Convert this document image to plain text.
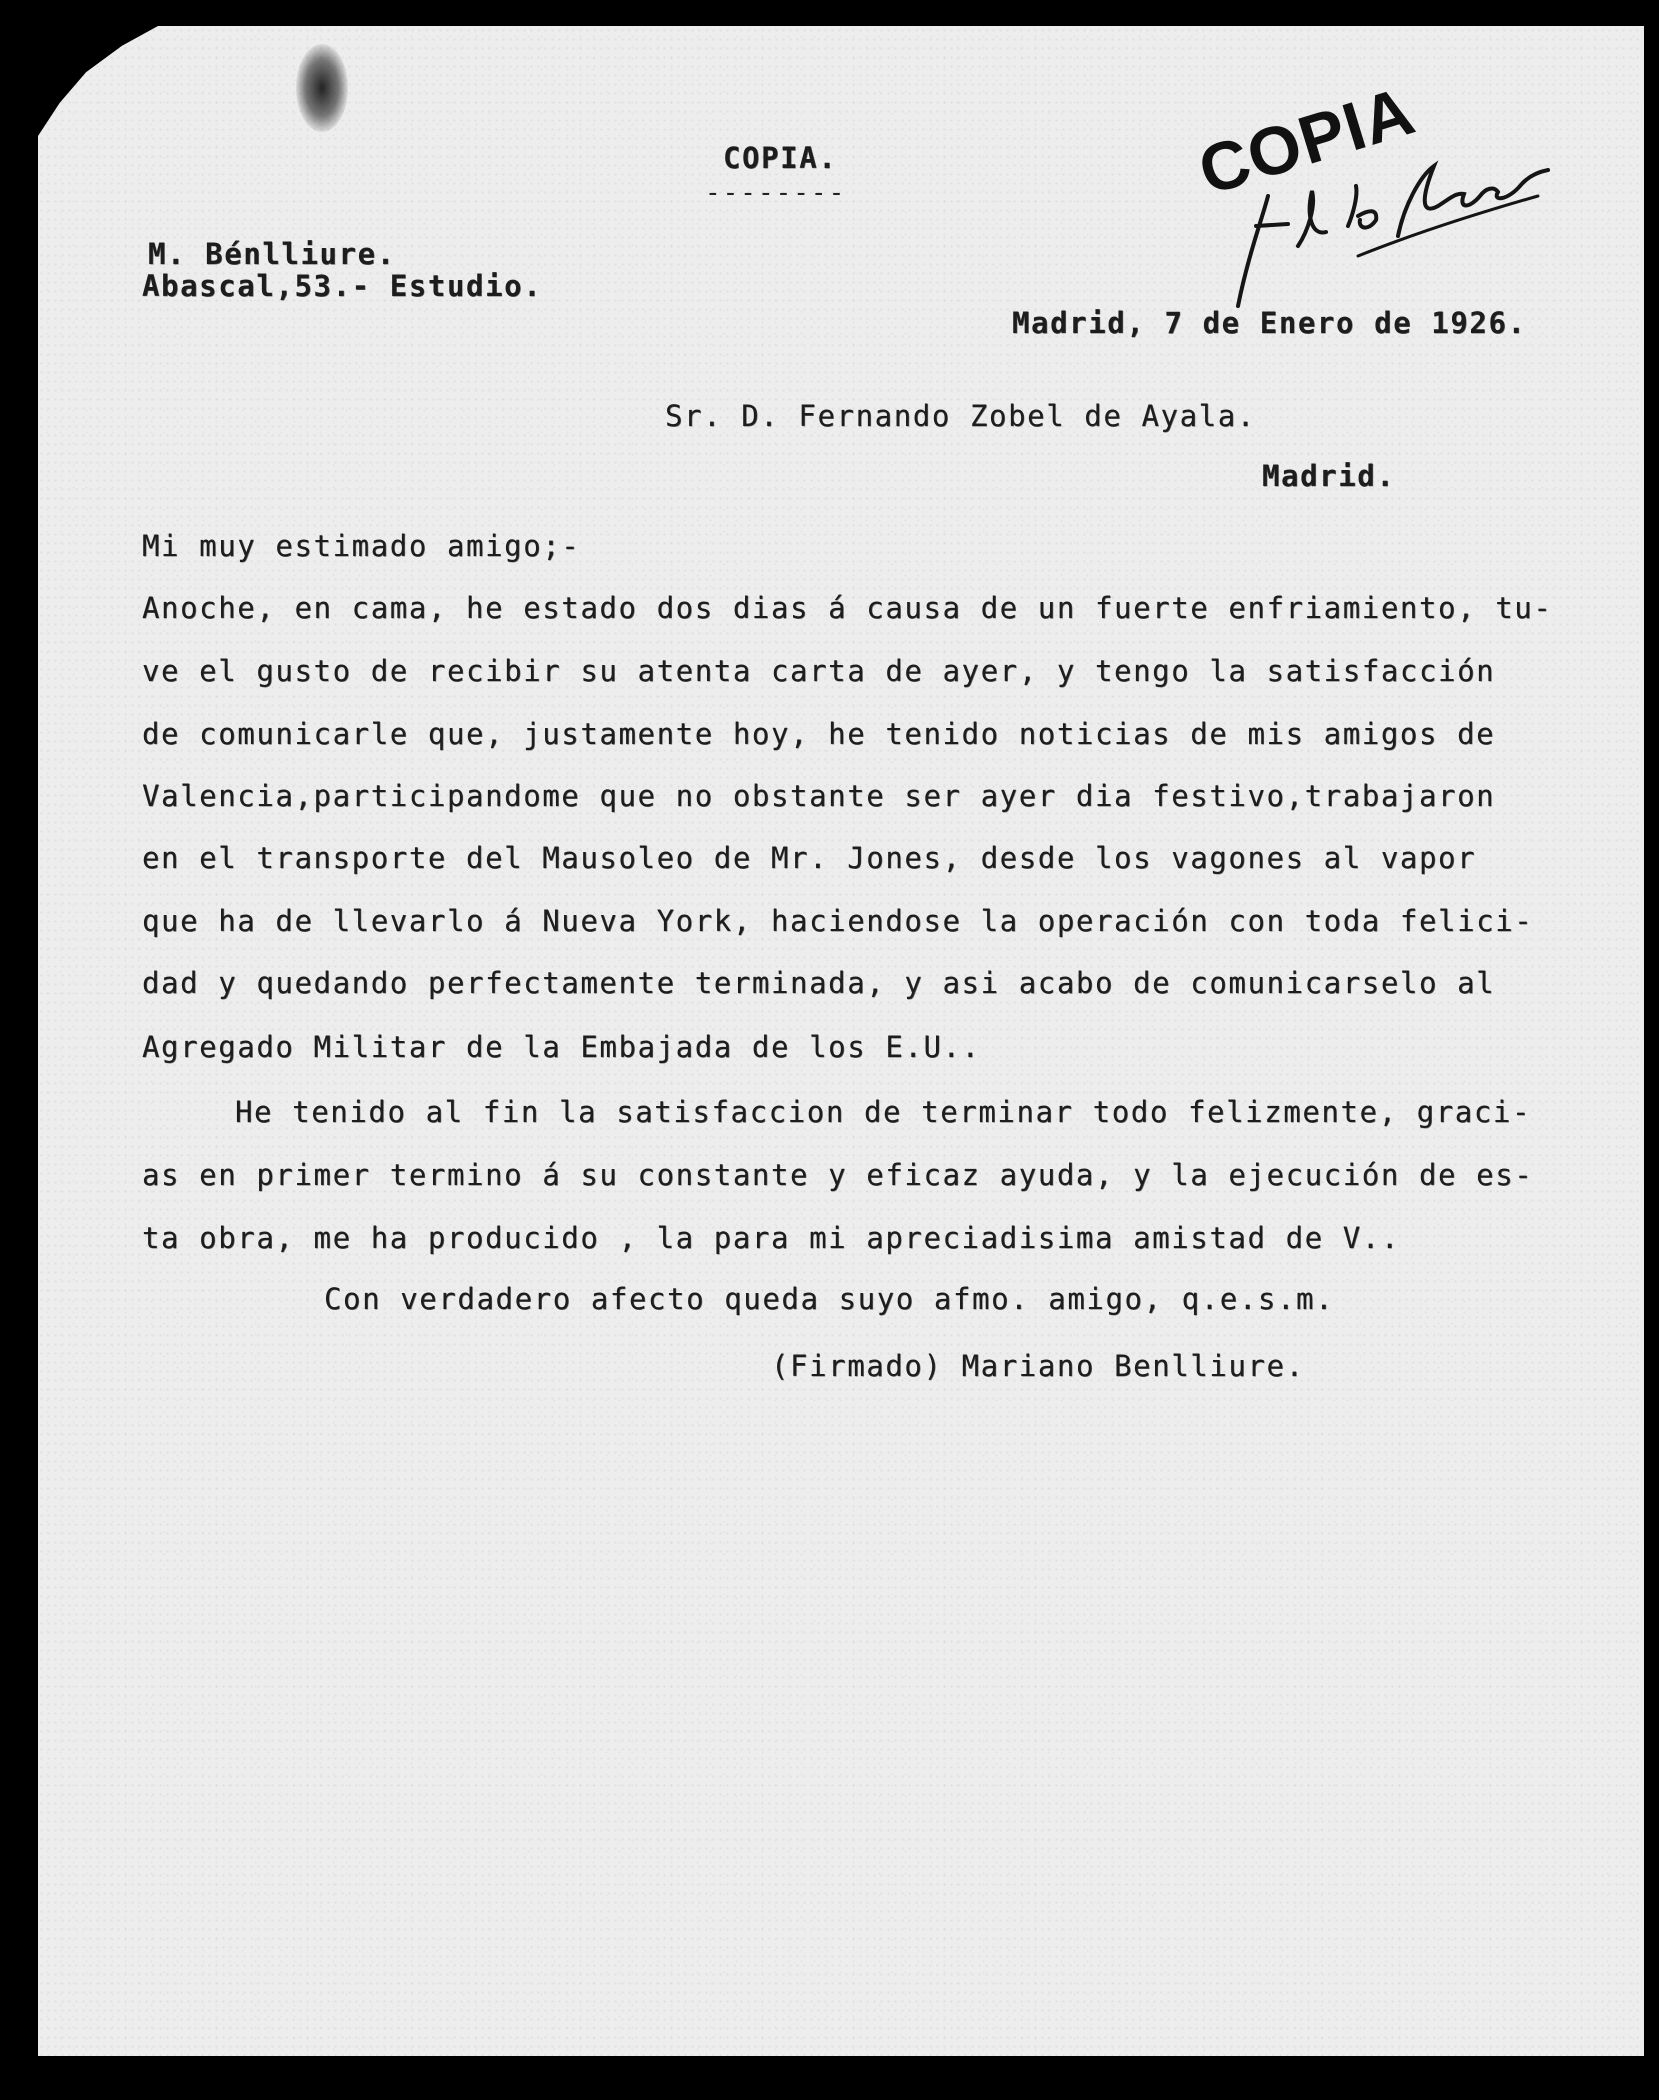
COPIA.
--------	COPIA
M. Bénlliure.
Abascal,53.- Estudio.
Madrid, 7 de Enero de 1926.
Sr. D. Fernando Zobel de Ayala.
Madrid.
Mi muy estimado amigo;-
Anoche, en cama, he estado dos dias á causa de un fuerte enfriamiento, tu-
ve el gusto de recibir su atenta carta de ayer, y tengo la satisfacción
de comunicarle que, justamente hoy, he tenido noticias de mis amigos de
Valencia,participandome que no obstante ser ayer dia festivo,trabajaron
en el transporte del Mausoleo de Mr. Jones, desde los vagones al vapor
que ha de llevarlo á Nueva York, haciendose la operación con toda felici-
dad y quedando perfectamente terminada, y asi acabo de comunicarselo al
Agregado Militar de la Embajada de los E.U..
He tenido al fin la satisfaccion de terminar todo felizmente, graci-
as en primer termino á su constante y eficaz ayuda, y la ejecución de es-
ta obra, me ha producido , la para mi apreciadisima amistad de V..
Con verdadero afecto queda suyo afmo. amigo, q.e.s.m.
(Firmado) Mariano Benlliure.
